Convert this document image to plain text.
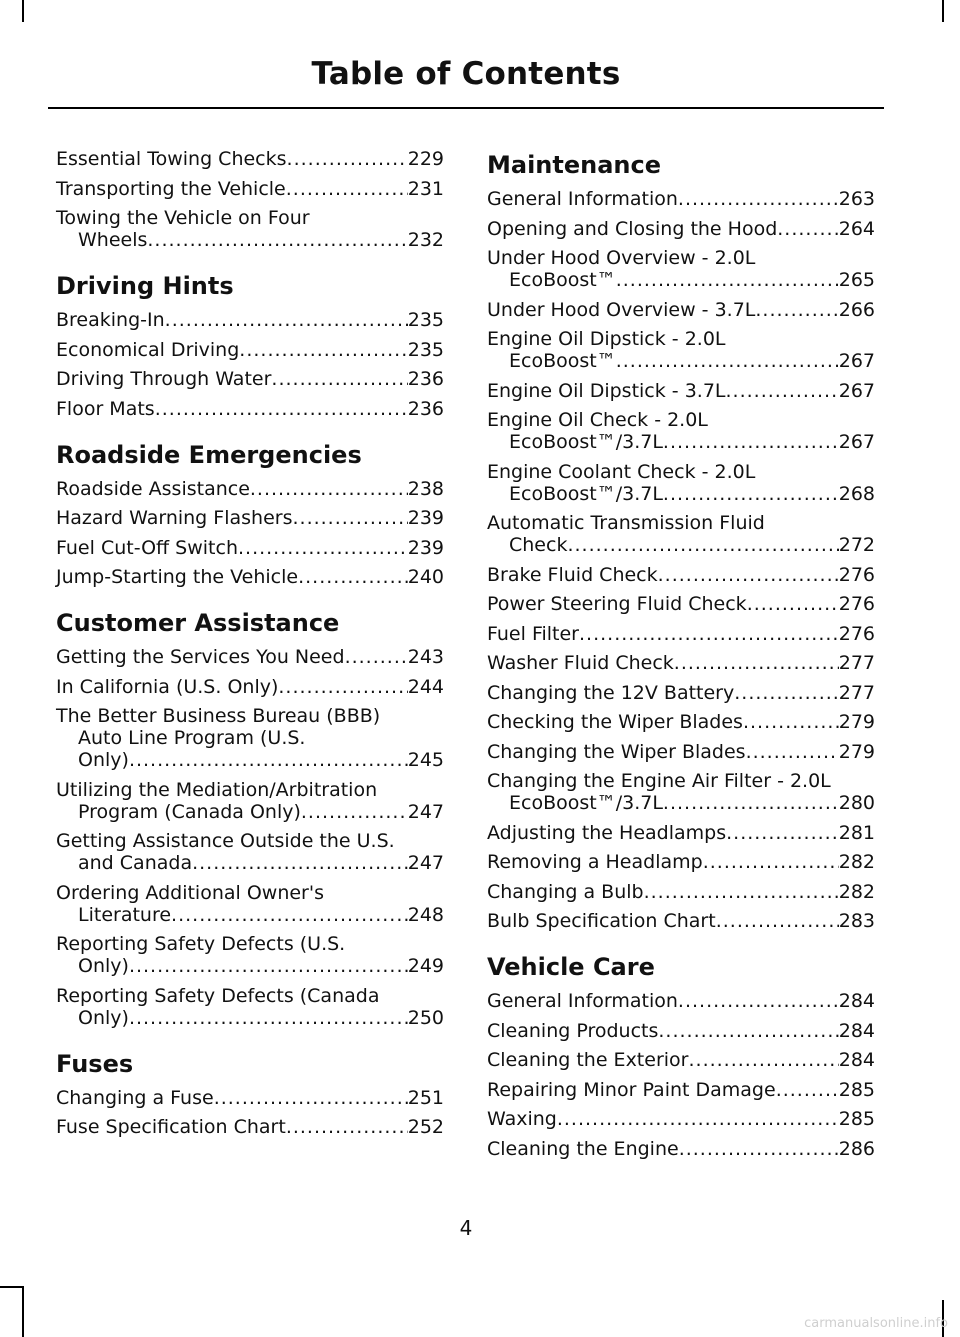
Table of Contents
Essential Towing Checks .....	229
Transporting the Vehicle .....	231
Towing the Vehicle on Four
Wheels .....	232
Driving Hints
Breaking-In .....	235
Economical Driving .....	235
Driving Through Water .....	236
Floor Mats .....	236
Roadside Emergencies
Roadside Assistance .....	238
Hazard Warning Flashers .....	239
Fuel Cut-Off Switch .....	239
Jump-Starting the Vehicle .....	240
Customer Assistance
Getting the Services You Need .....	243
In California (U.S. Only) .....	244
The Better Business Bureau (BBB)
Auto Line Program (U.S.
Only) .....	245
Utilizing the Mediation/Arbitration
Program (Canada Only) .....	247
Getting Assistance Outside the U.S.
and Canada .....	247
Ordering Additional Owner's
Literature .....	248
Reporting Safety Defects (U.S.
Only) .....	249
Reporting Safety Defects (Canada
Only) .....	250
Fuses
Changing a Fuse .....	251
Fuse Specification Chart .....	252
Maintenance
General Information .....	263
Opening and Closing the Hood .....	264
Under Hood Overview - 2.0L
EcoBoost™ .....	265
Under Hood Overview - 3.7L .....	266
Engine Oil Dipstick - 2.0L
EcoBoost™ .....	267
Engine Oil Dipstick - 3.7L .....	267
Engine Oil Check - 2.0L
EcoBoost™/3.7L .....	267
Engine Coolant Check - 2.0L
EcoBoost™/3.7L .....	268
Automatic Transmission Fluid
Check .....	272
Brake Fluid Check .....	276
Power Steering Fluid Check .....	276
Fuel Filter .....	276
Washer Fluid Check .....	277
Changing the 12V Battery .....	277
Checking the Wiper Blades .....	279
Changing the Wiper Blades .....	279
Changing the Engine Air Filter - 2.0L
EcoBoost™/3.7L .....	280
Adjusting the Headlamps .....	281
Removing a Headlamp .....	282
Changing a Bulb .....	282
Bulb Specification Chart .....	283
Vehicle Care
General Information .....	284
Cleaning Products .....	284
Cleaning the Exterior .....	284
Repairing Minor Paint Damage .....	285
Waxing .....	285
Cleaning the Engine .....	286
4
carmanualsonline.info
